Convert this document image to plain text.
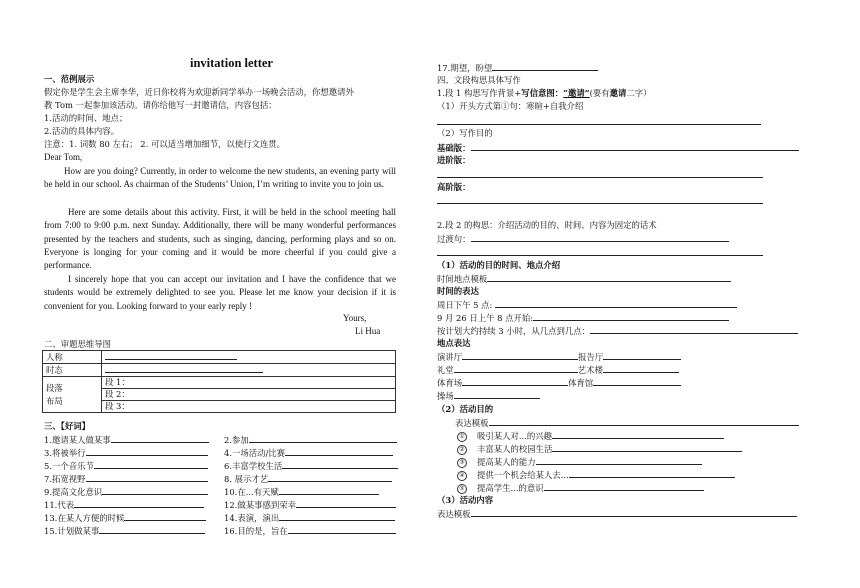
invitation letter
一、范例展示
假定你是学生会主席李华，近日你校将为欢迎新同学举办一场晚会活动，你想邀请外
教 Tom 一起参加该活动。请你给他写一封邀请信，内容包括：
1.活动的时间、地点；
2.活动的具体内容。
注意：1. 词数 80 左右； 2. 可以适当增加细节，以使行文连贯。
Dear Tom,
How are you doing? Currently, in order to welcome the new students, an evening party will be held in our school. As chairman of the Students’ Union, I’m writing to invite you to join us.
Here are some details about this activity. First, it will be held in the school meeting hall from 7:00 to 9:00 p.m. next Sunday. Additionally, there will be many wonderful performances presented by the teachers and students, such as singing, dancing, performing plays and so on. Everyone is longing for your coming and it would be more cheerful if you could give a performance.
I sincerely hope that you can accept our invitation and I have the confidence that we students would be extremely delighted to see you. Please let me know your decision if it is convenient for you. Looking forward to your early reply !
Yours,
Li Hua
二、审题思维导图
人称	
时态	
段落
布局	段 1：
	段 2：
	段 3：
三、【好词】
1.邀请某人做某事	2.参加
3.将被举行	4.一场活动/比赛
5.一个音乐节	6.丰富学校生活
7.拓宽视野	8. 展示才艺
9.提高文化意识	10.在...有天赋
11.代表	12.做某事感到荣幸
13.在某人方便的时候	14.表演，演出
15.计划做某事	16.目的是，旨在
17.期望，盼望
四、文段构思具体写作
1.段 1 构思写作背景+写信意图：“邀请”(要有邀请二字）
（1）开头方式第①句：寒暄+自我介绍
（2）写作目的
基础版：
进阶版：
高阶版：
2.段 2 的构思：介绍活动的目的、时间、内容为固定的话术
过渡句：
（1）活动的目的时间、地点介绍
时间地点模板
时间的表达
周日下午 5 点:
9 月 26 日上午 8 点开始:
按计划大约持续 3 小时，从几点到几点：
地点表达
演讲厅	报告厅
礼堂	艺术楼
体育场	体育馆
操场
（2）活动目的
表达模板
① 吸引某人对...的兴趣
② 丰富某人的校园生活
③ 提高某人的能力
④ 提供一个机会给某人去...
⑤ 提高学生...的意识
（3）活动内容
表达模板
